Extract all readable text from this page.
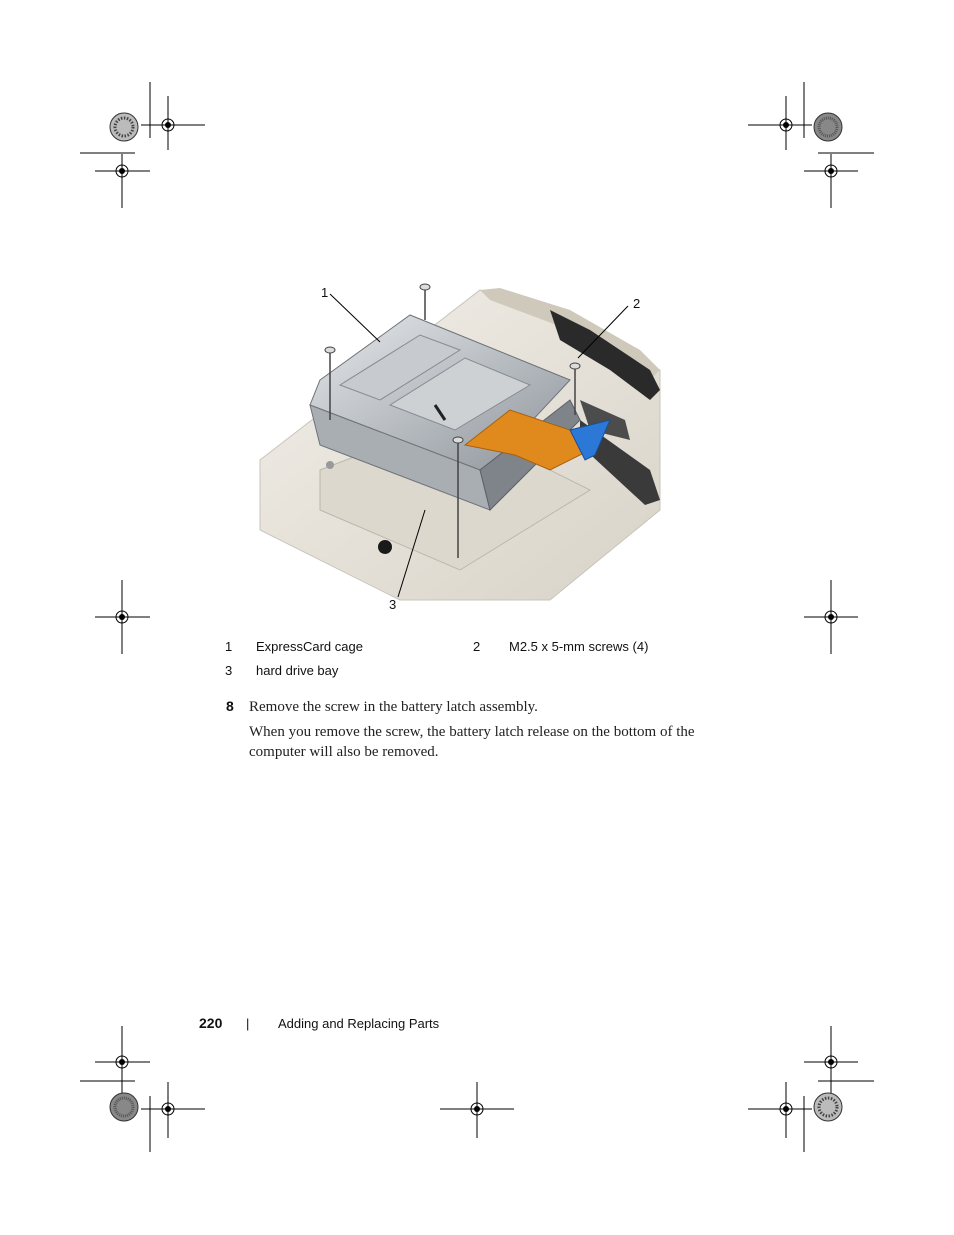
1
2
3
1 ExpressCard cage	2 M2.5 x 5-mm screws (4)
3 hard drive bay
8 Remove the screw in the battery latch assembly.
When you remove the screw, the battery latch release on the bottom of the
computer will also be removed.
220 | Adding and Replacing Parts
